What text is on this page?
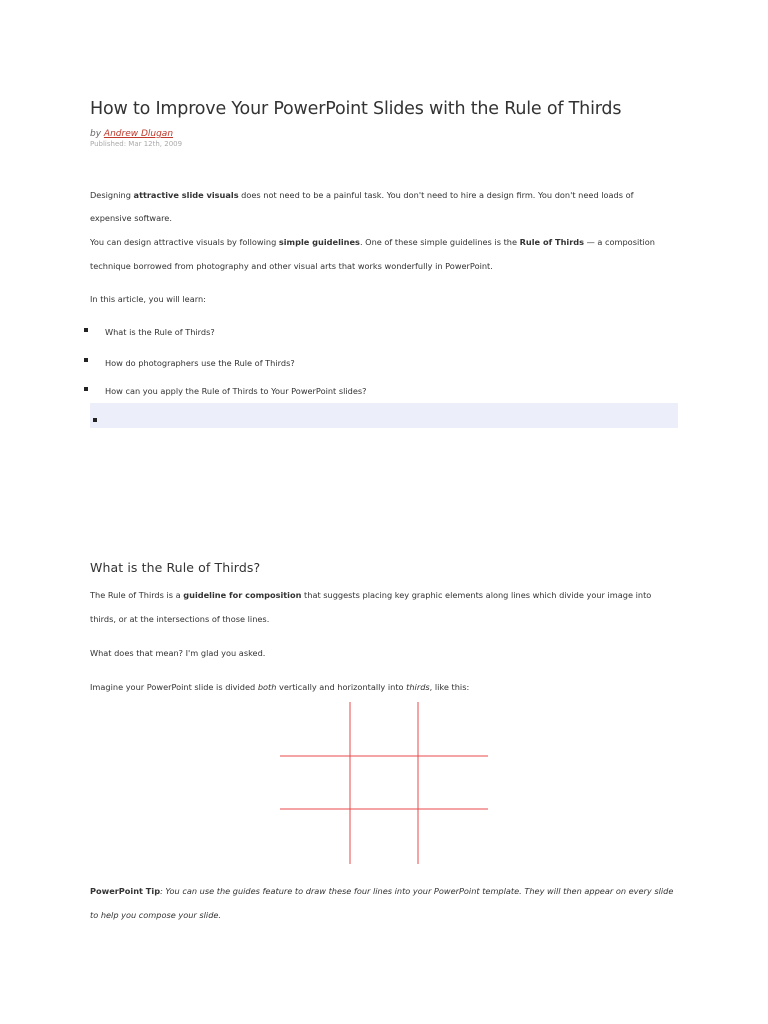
How to Improve Your PowerPoint Slides with the Rule of Thirds
by Andrew Dlugan
Published: Mar 12th, 2009
Designing attractive slide visuals does not need to be a painful task. You don't need to hire a design firm. You don't need loads of
expensive software.
You can design attractive visuals by following simple guidelines. One of these simple guidelines is the Rule of Thirds — a composition
technique borrowed from photography and other visual arts that works wonderfully in PowerPoint.
In this article, you will learn:
What is the Rule of Thirds?
How do photographers use the Rule of Thirds?
How can you apply the Rule of Thirds to Your PowerPoint slides?
What is the Rule of Thirds?
The Rule of Thirds is a guideline for composition that suggests placing key graphic elements along lines which divide your image into
thirds, or at the intersections of those lines.
What does that mean? I'm glad you asked.
Imagine your PowerPoint slide is divided both vertically and horizontally into thirds, like this:
PowerPoint Tip: You can use the guides feature to draw these four lines into your PowerPoint template. They will then appear on every slide
to help you compose your slide.
